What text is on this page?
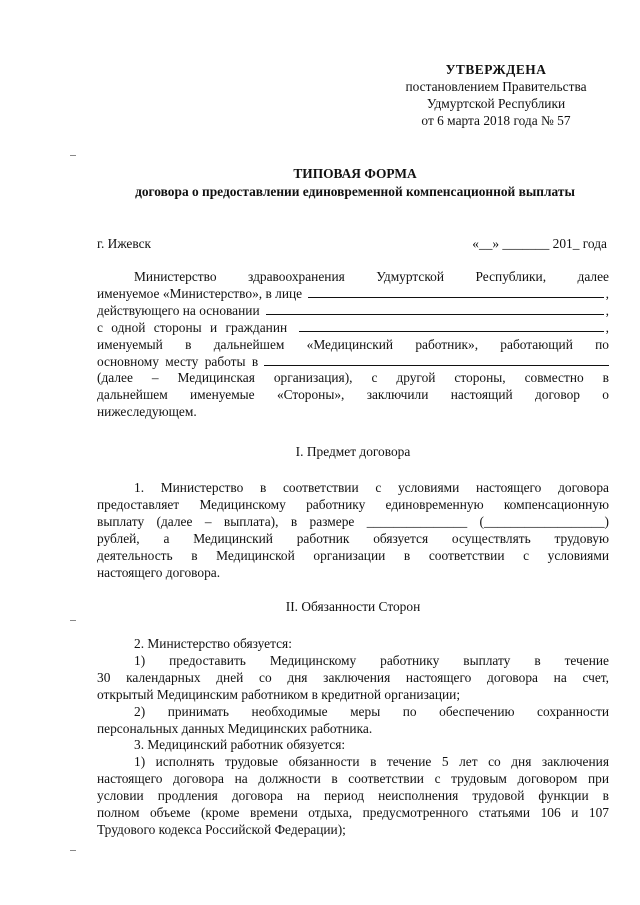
УТВЕРЖДЕНА
постановлением Правительства
Удмуртской Республики
от 6 марта 2018 года № 57
ТИПОВАЯ ФОРМА
договора о предоставлении единовременной компенсационной выплаты
г. Ижевск	«__» _______ 201_ года
Министерство здравоохранения Удмуртской Республики, далее
именуемое «Министерство», в лице	,
действующего на основании	,
с одной стороны и гражданин	,
именуемый в дальнейшем «Медицинский работник», работающий по
основному месту работы в
(далее – Медицинская организация), с другой стороны, совместно в
дальнейшем именуемые «Стороны», заключили настоящий договор о
нижеследующем.
I. Предмет договора
1. Министерство в соответствии с условиями настоящего договора
предоставляет Медицинскому работнику единовременную компенсационную
выплату (далее – выплата), в размере _______________ (__________________)
рублей, а Медицинский работник обязуется осуществлять трудовую
деятельность в Медицинской организации в соответствии с условиями
настоящего договора.
II. Обязанности Сторон
2. Министерство обязуется:
1) предоставить Медицинскому работнику выплату в течение
30 календарных дней со дня заключения настоящего договора на счет,
открытый Медицинским работником в кредитной организации;
2) принимать необходимые меры по обеспечению сохранности
персональных данных Медицинских работника.
3. Медицинский работник обязуется:
1) исполнять трудовые обязанности в течение 5 лет со дня заключения
настоящего договора на должности в соответствии с трудовым договором при
условии продления договора на период неисполнения трудовой функции в
полном объеме (кроме времени отдыха, предусмотренного статьями 106 и 107
Трудового кодекса Российской Федерации);
